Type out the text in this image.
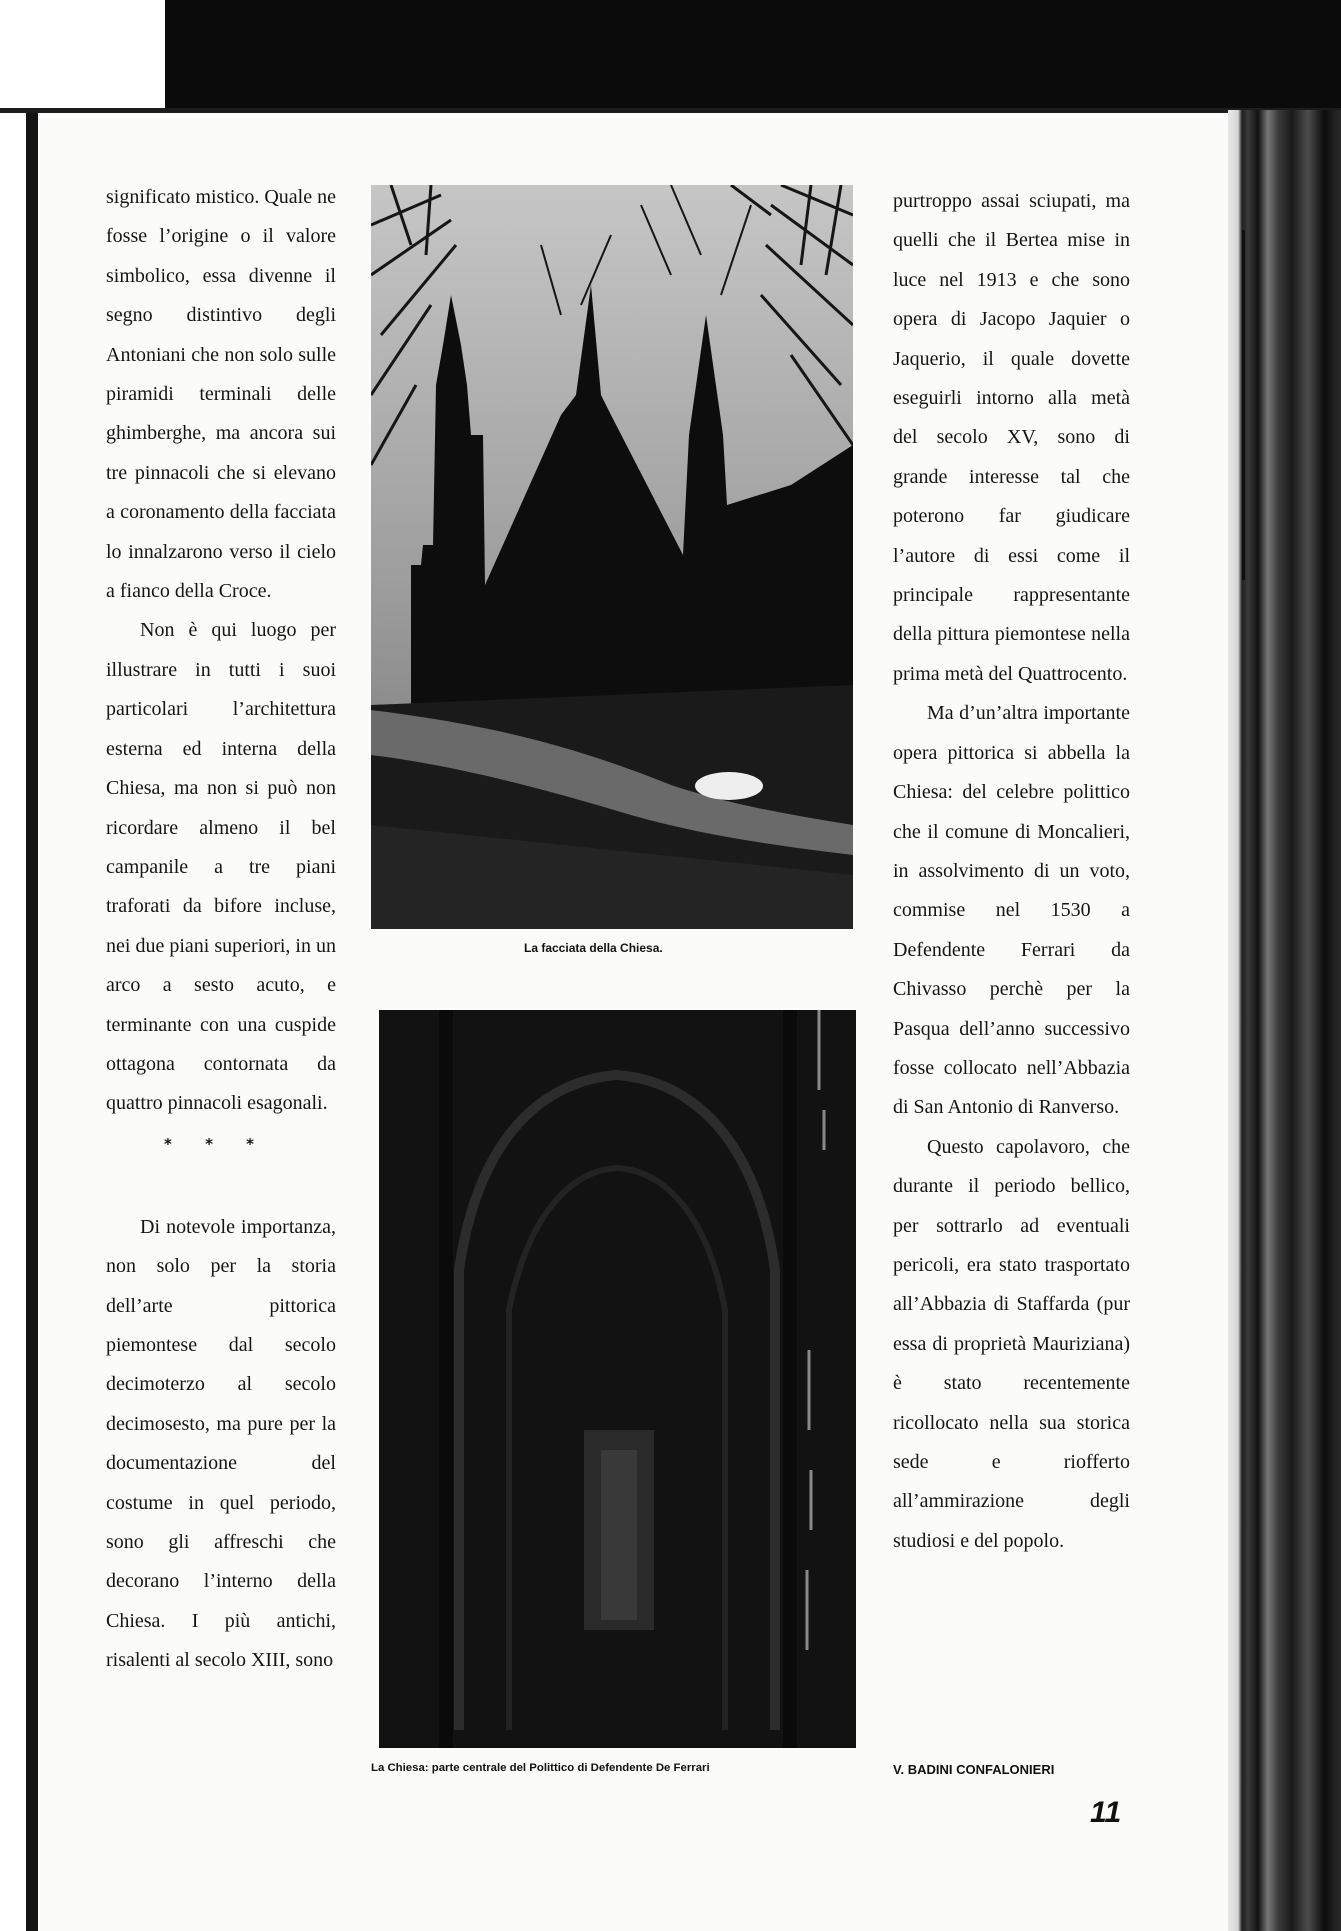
significato mistico. Quale ne fosse l’origine o il valore simbolico, essa divenne il segno distintivo degli Antoniani che non solo sulle piramidi terminali delle ghimberghe, ma ancora sui tre pinnacoli che si elevano a coronamento della facciata lo innalzarono verso il cielo a fianco della Croce.

Non è qui luogo per illustrare in tutti i suoi particolari l’architettura esterna ed interna della Chiesa, ma non si può non ricordare almeno il bel campanile a tre piani traforati da bifore incluse, nei due piani superiori, in un arco a sesto acuto, e terminante con una cuspide ottagona contornata da quattro pinnacoli esagonali.

* * *

Di notevole importanza, non solo per la storia dell’arte pittorica piemontese dal secolo decimoterzo al secolo decimosesto, ma pure per la documentazione del costume in quel periodo, sono gli affreschi che decorano l’interno della Chiesa. I più antichi, risalenti al secolo XIII, sono

La facciata della Chiesa.
La Chiesa: parte centrale del Polittico di Defendente De Ferrari

purtroppo assai sciupati, ma quelli che il Bertea mise in luce nel 1913 e che sono opera di Jacopo Jaquier o Jaquerio, il quale dovette eseguirli intorno alla metà del secolo XV, sono di grande interesse tal che poterono far giudicare l’autore di essi come il principale rappresentante della pittura piemontese nella prima metà del Quattrocento.

Ma d’un’altra importante opera pittorica si abbella la Chiesa: del celebre polittico che il comune di Moncalieri, in assolvimento di un voto, commise nel 1530 a Defendente Ferrari da Chivasso perchè per la Pasqua dell’anno successivo fosse collocato nell’Abbazia di San Antonio di Ranverso.

Questo capolavoro, che durante il periodo bellico, per sottrarlo ad eventuali pericoli, era stato trasportato all’Abbazia di Staffarda (pur essa di proprietà Mauriziana) è stato recentemente ricollocato nella sua storica sede e riofferto all’ammirazione degli studiosi e del popolo.

V. BADINI CONFALONIERI
11
